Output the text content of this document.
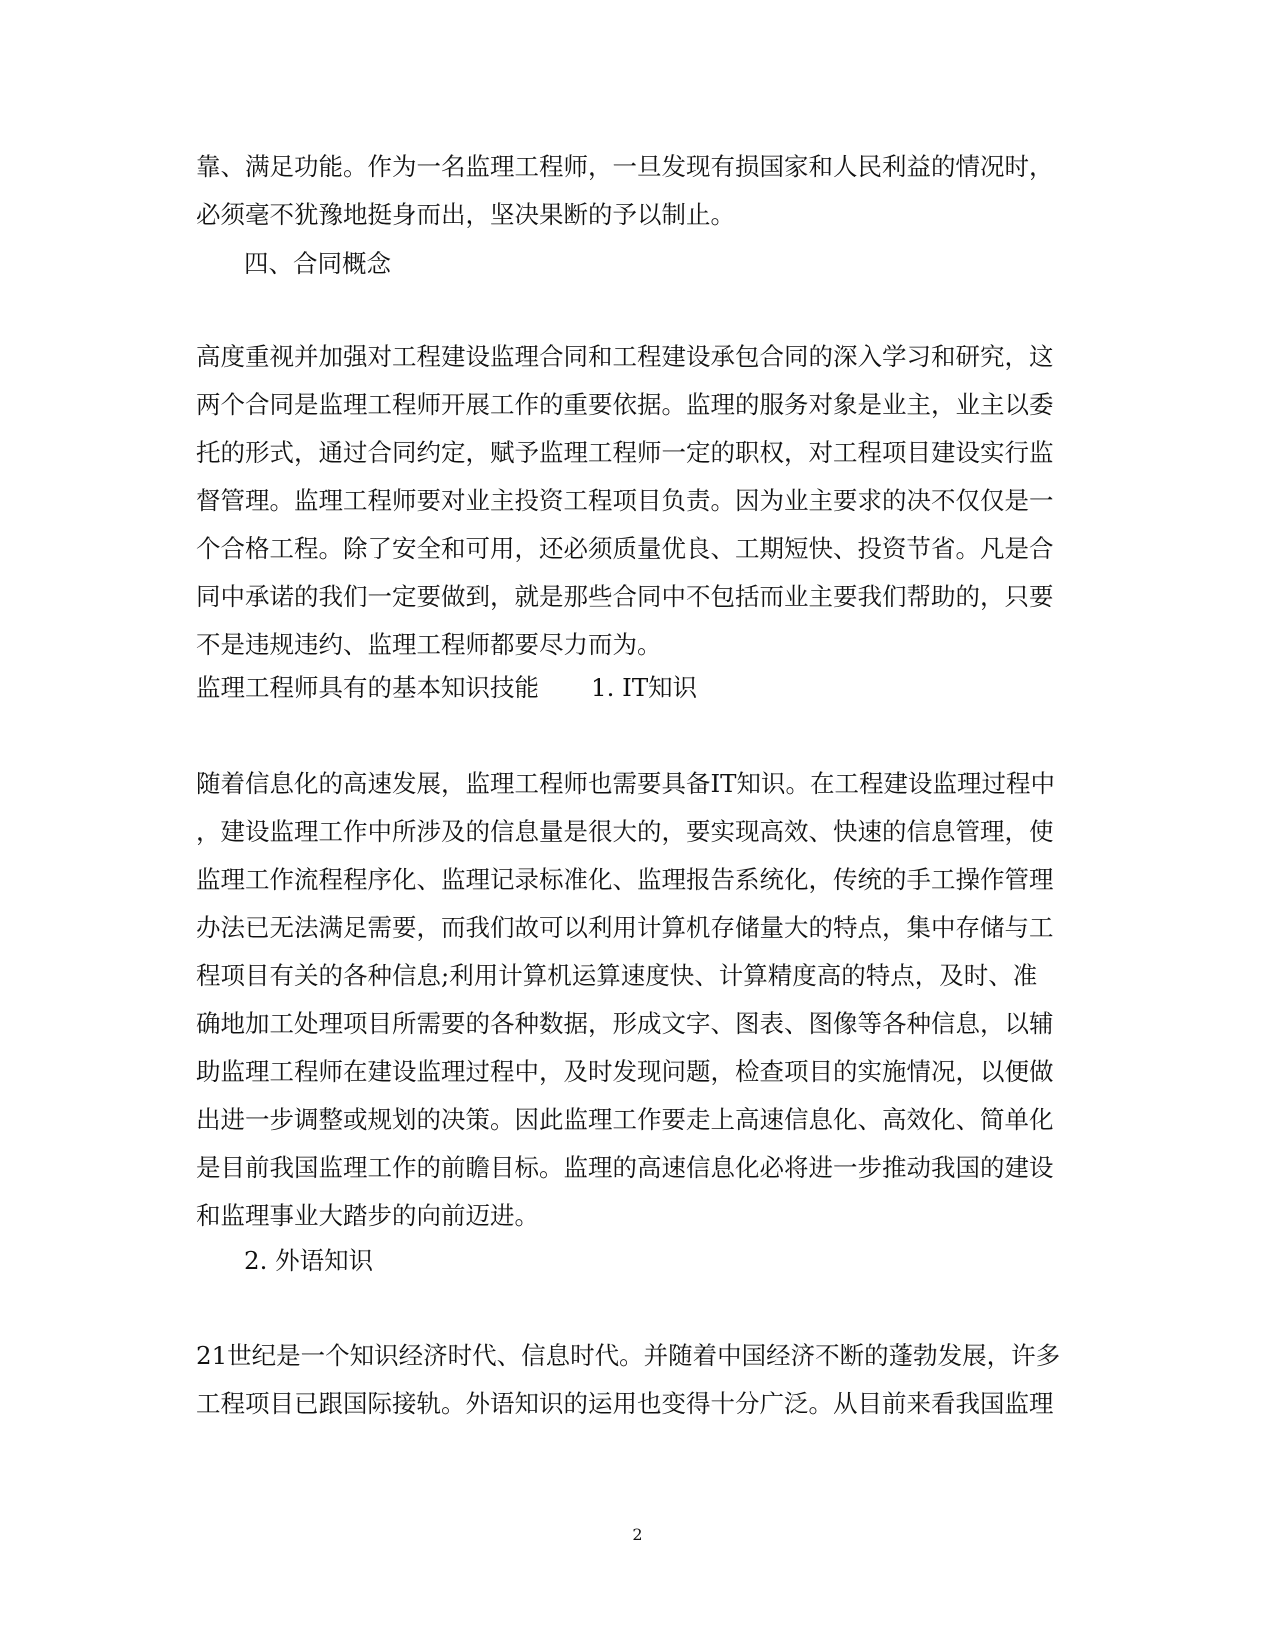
靠、满足功能。作为一名监理工程师，一旦发现有损国家和人民利益的情况时，
必须毫不犹豫地挺身而出，坚决果断的予以制止。
四、合同概念
高度重视并加强对工程建设监理合同和工程建设承包合同的深入学习和研究，这
两个合同是监理工程师开展工作的重要依据。监理的服务对象是业主，业主以委
托的形式，通过合同约定，赋予监理工程师一定的职权，对工程项目建设实行监
督管理。监理工程师要对业主投资工程项目负责。因为业主要求的决不仅仅是一
个合格工程。除了安全和可用，还必须质量优良、工期短快、投资节省。凡是合
同中承诺的我们一定要做到，就是那些合同中不包括而业主要我们帮助的，只要
不是违规违约、监理工程师都要尽力而为。
监理工程师具有的基本知识技能 1. IT知识
随着信息化的高速发展，监理工程师也需要具备IT知识。在工程建设监理过程中
，建设监理工作中所涉及的信息量是很大的，要实现高效、快速的信息管理，使
监理工作流程程序化、监理记录标准化、监理报告系统化，传统的手工操作管理
办法已无法满足需要，而我们故可以利用计算机存储量大的特点，集中存储与工
程项目有关的各种信息;利用计算机运算速度快、计算精度高的特点，及时、准
确地加工处理项目所需要的各种数据，形成文字、图表、图像等各种信息，以辅
助监理工程师在建设监理过程中，及时发现问题，检查项目的实施情况，以便做
出进一步调整或规划的决策。因此监理工作要走上高速信息化、高效化、简单化
是目前我国监理工作的前瞻目标。监理的高速信息化必将进一步推动我国的建设
和监理事业大踏步的向前迈进。
2. 外语知识
21世纪是一个知识经济时代、信息时代。并随着中国经济不断的蓬勃发展，许多
工程项目已跟国际接轨。外语知识的运用也变得十分广泛。从目前来看我国监理
2
